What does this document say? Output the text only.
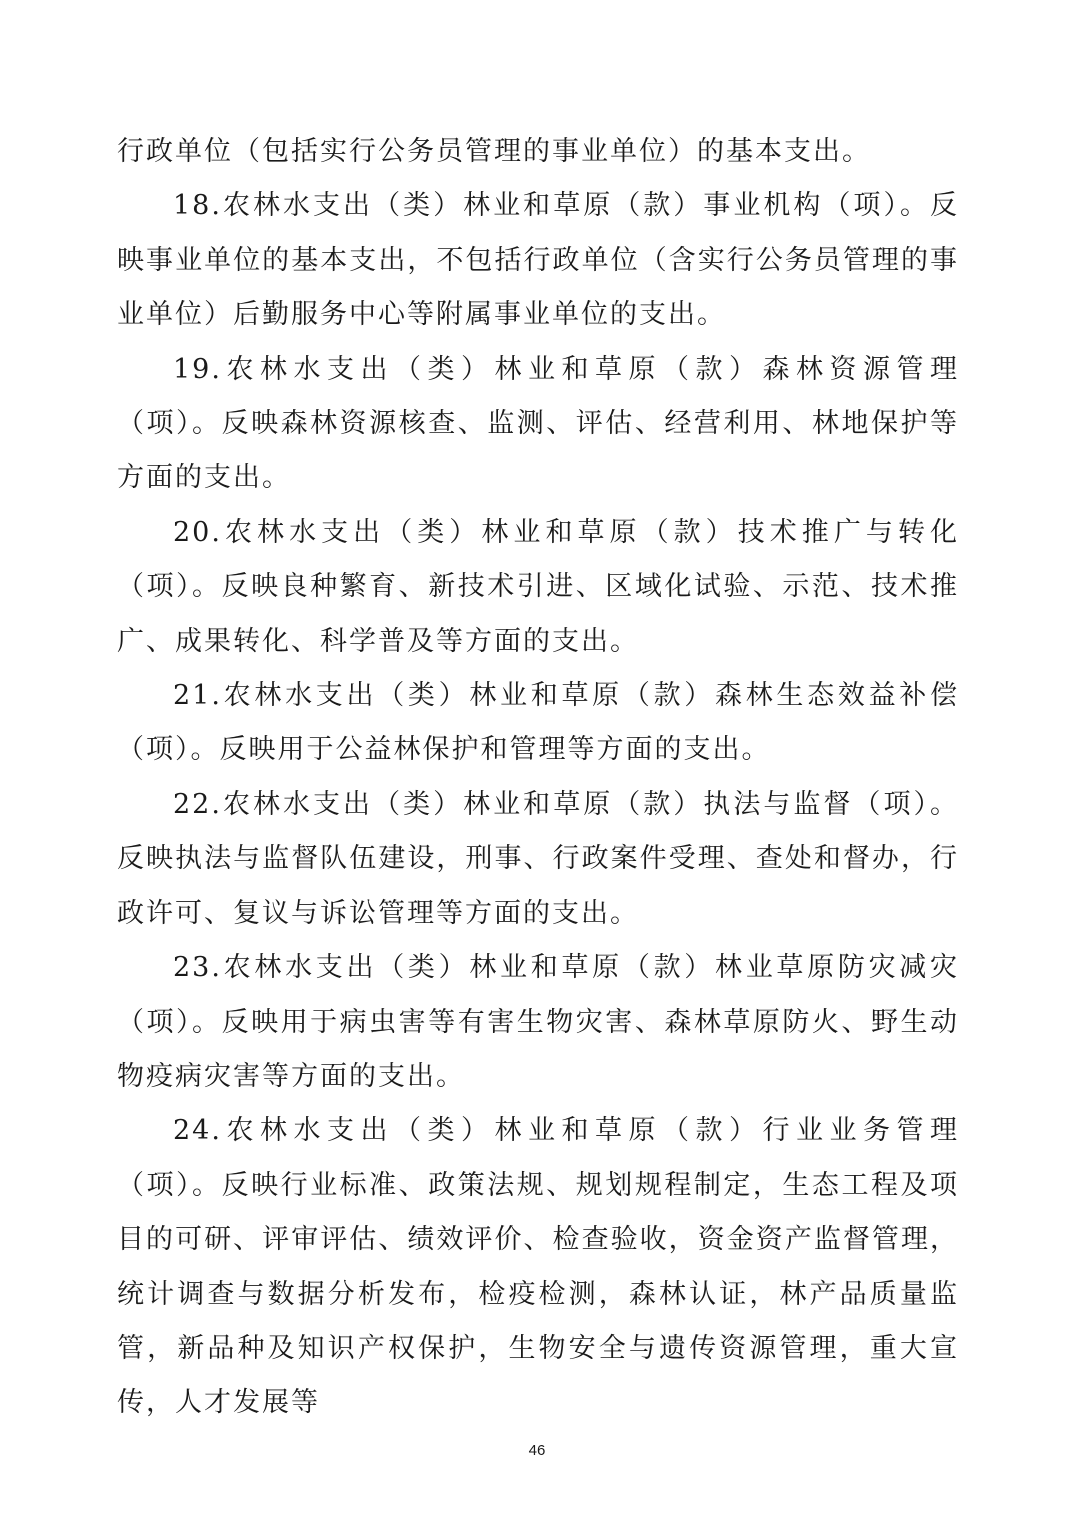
行政单位（包括实行公务员管理的事业单位）的基本支出。

18.农林水支出（类）林业和草原（款）事业机构（项）。反映事业单位的基本支出，不包括行政单位（含实行公务员管理的事业单位）后勤服务中心等附属事业单位的支出。

19.农林水支出（类）林业和草原（款）森林资源管理（项）。反映森林资源核查、监测、评估、经营利用、林地保护等方面的支出。

20.农林水支出（类）林业和草原（款）技术推广与转化（项）。反映良种繁育、新技术引进、区域化试验、示范、技术推广、成果转化、科学普及等方面的支出。

21.农林水支出（类）林业和草原（款）森林生态效益补偿（项）。反映用于公益林保护和管理等方面的支出。

22.农林水支出（类）林业和草原（款）执法与监督（项）。反映执法与监督队伍建设，刑事、行政案件受理、查处和督办，行政许可、复议与诉讼管理等方面的支出。

23.农林水支出（类）林业和草原（款）林业草原防灾减灾（项）。反映用于病虫害等有害生物灾害、森林草原防火、野生动物疫病灾害等方面的支出。

24.农林水支出（类）林业和草原（款）行业业务管理（项）。反映行业标准、政策法规、规划规程制定，生态工程及项目的可研、评审评估、绩效评价、检查验收，资金资产监督管理，统计调查与数据分析发布，检疫检测，森林认证，林产品质量监管，新品种及知识产权保护，生物安全与遗传资源管理，重大宣传，人才发展等

46
